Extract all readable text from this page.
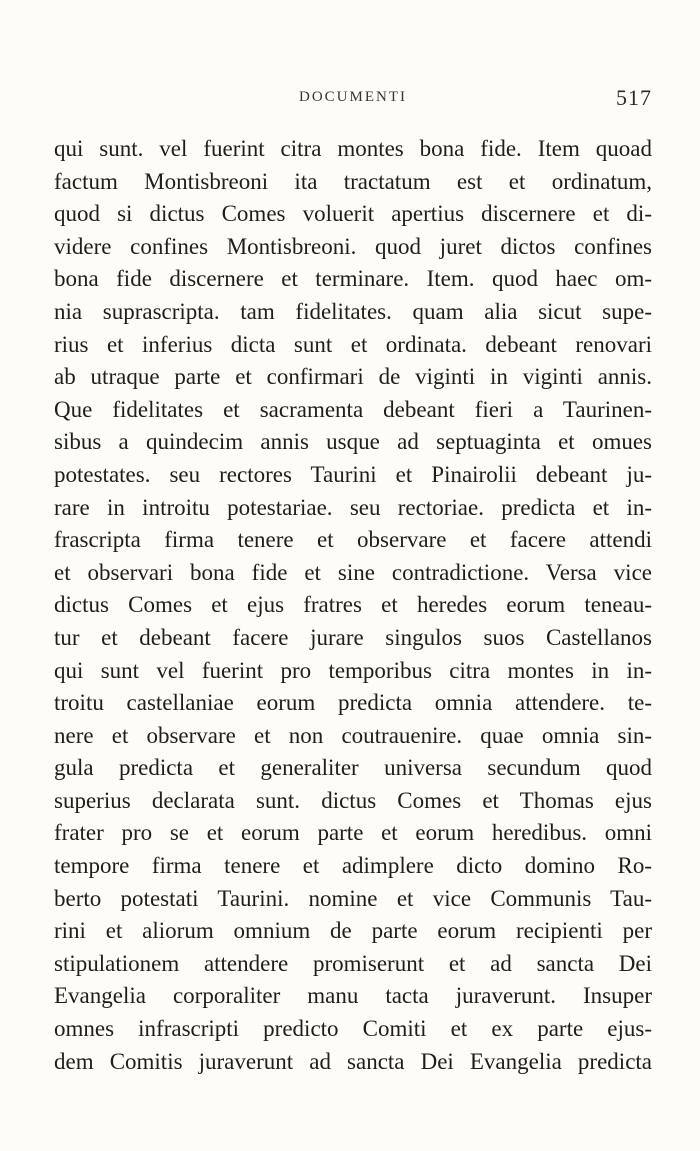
DOCUMENTI	517
qui sunt. vel fuerint citra montes bona fide. Item quoad
factum Montisbreoni ita tractatum est et ordinatum,
quod si dictus Comes voluerit apertius discernere et di-
videre confines Montisbreoni. quod juret dictos confines
bona fide discernere et terminare. Item. quod haec om-
nia suprascripta. tam fidelitates. quam alia sicut supe-
rius et inferius dicta sunt et ordinata. debeant renovari
ab utraque parte et confirmari de viginti in viginti annis.
Que fidelitates et sacramenta debeant fieri a Taurinen-
sibus a quindecim annis usque ad septuaginta et omues
potestates. seu rectores Taurini et Pinairolii debeant ju-
rare in introitu potestariae. seu rectoriae. predicta et in-
frascripta firma tenere et observare et facere attendi
et observari bona fide et sine contradictione. Versa vice
dictus Comes et ejus fratres et heredes eorum teneau-
tur et debeant facere jurare singulos suos Castellanos
qui sunt vel fuerint pro temporibus citra montes in in-
troitu castellaniae eorum predicta omnia attendere. te-
nere et observare et non coutrauenire. quae omnia sin-
gula predicta et generaliter universa secundum quod
superius declarata sunt. dictus Comes et Thomas ejus
frater pro se et eorum parte et eorum heredibus. omni
tempore firma tenere et adimplere dicto domino Ro-
berto potestati Taurini. nomine et vice Communis Tau-
rini et aliorum omnium de parte eorum recipienti per
stipulationem attendere promiserunt et ad sancta Dei
Evangelia corporaliter manu tacta juraverunt. Insuper
omnes infrascripti predicto Comiti et ex parte ejus-
dem Comitis juraverunt ad sancta Dei Evangelia predicta
